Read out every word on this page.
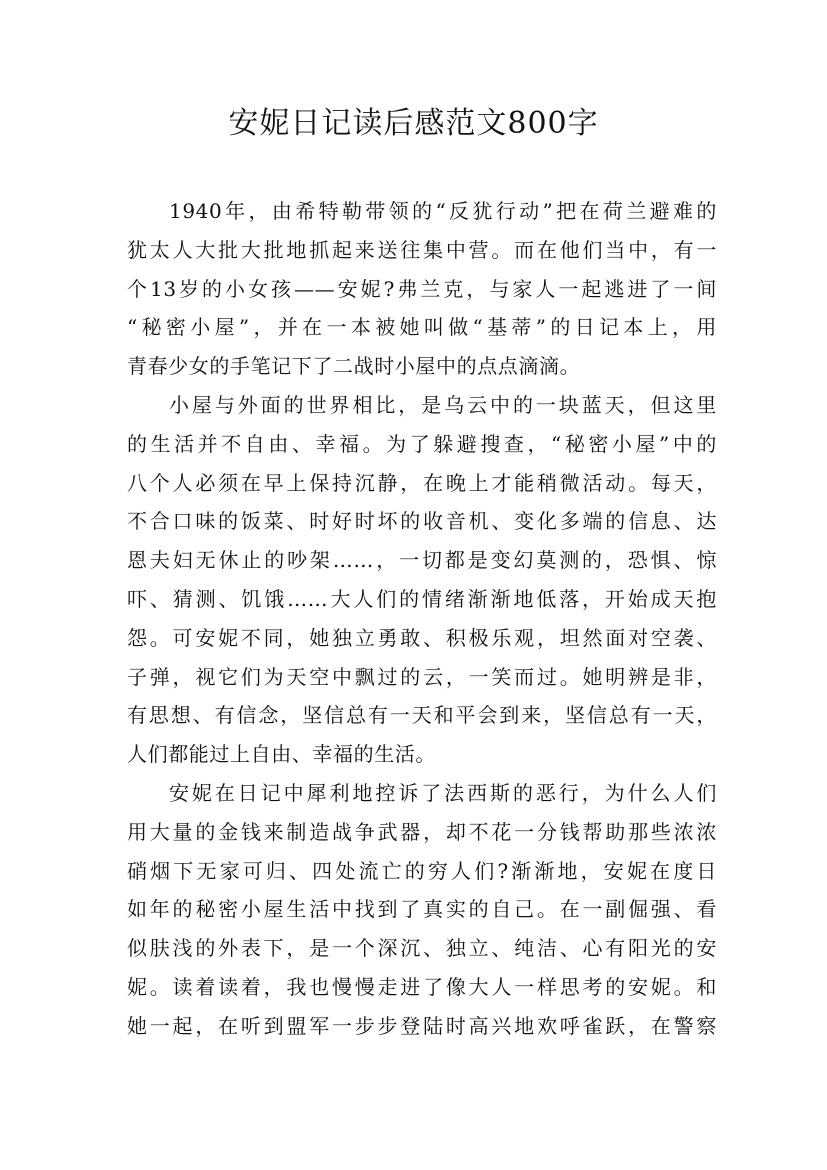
安妮日记读后感范文800字
1940年，由希特勒带领的“反犹行动”把在荷兰避难的
犹太人大批大批地抓起来送往集中营。而在他们当中，有一
个13岁的小女孩——安妮?弗兰克，与家人一起逃进了一间
“秘密小屋”，并在一本被她叫做“基蒂”的日记本上，用
青春少女的手笔记下了二战时小屋中的点点滴滴。
小屋与外面的世界相比，是乌云中的一块蓝天，但这里
的生活并不自由、幸福。为了躲避搜查，“秘密小屋”中的
八个人必须在早上保持沉静，在晚上才能稍微活动。每天，
不合口味的饭菜、时好时坏的收音机、变化多端的信息、达
恩夫妇无休止的吵架……，一切都是变幻莫测的，恐惧、惊
吓、猜测、饥饿……大人们的情绪渐渐地低落，开始成天抱
怨。可安妮不同，她独立勇敢、积极乐观，坦然面对空袭、
子弹，视它们为天空中飘过的云，一笑而过。她明辨是非，
有思想、有信念，坚信总有一天和平会到来，坚信总有一天，
人们都能过上自由、幸福的生活。
安妮在日记中犀利地控诉了法西斯的恶行，为什么人们
用大量的金钱来制造战争武器，却不花一分钱帮助那些浓浓
硝烟下无家可归、四处流亡的穷人们?渐渐地，安妮在度日
如年的秘密小屋生活中找到了真实的自己。在一副倔强、看
似肤浅的外表下，是一个深沉、独立、纯洁、心有阳光的安
妮。读着读着，我也慢慢走进了像大人一样思考的安妮。和
她一起，在听到盟军一步步登陆时高兴地欢呼雀跃，在警察
